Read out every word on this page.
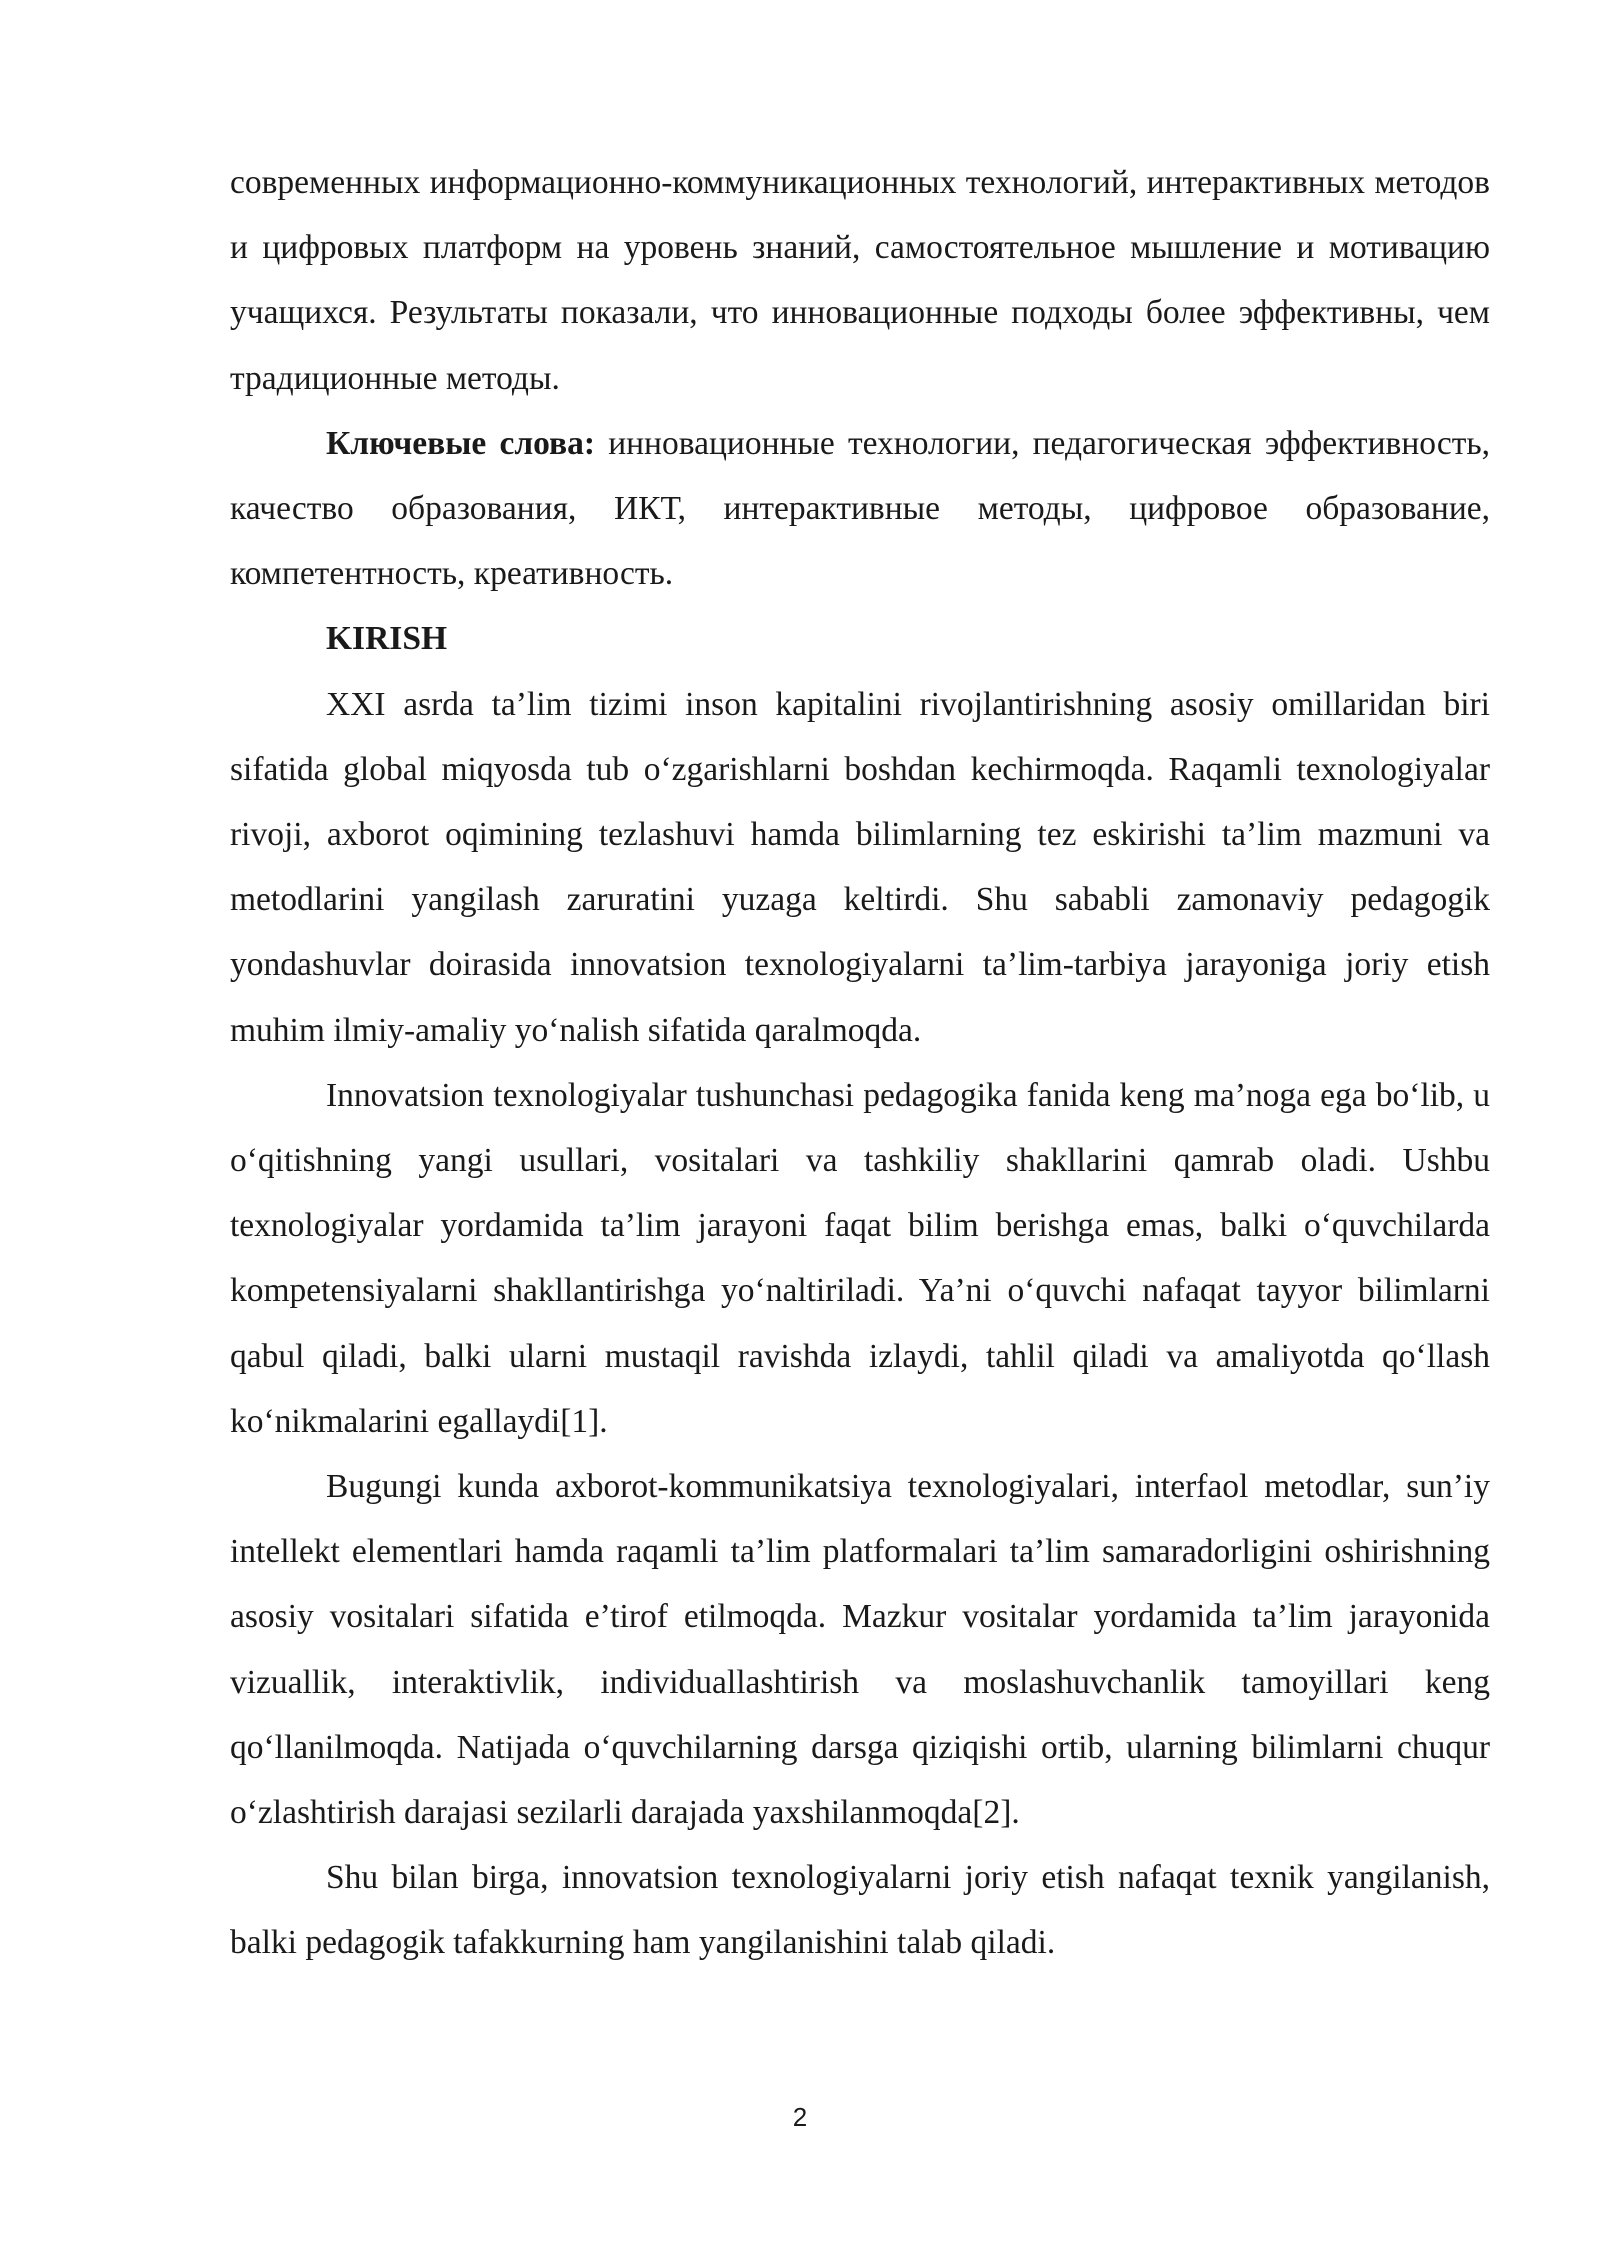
современных информационно-коммуникационных технологий, интерактивных методов и цифровых платформ на уровень знаний, самостоятельное мышление и мотивацию учащихся. Результаты показали, что инновационные подходы более эффективны, чем традиционные методы.

Ключевые слова: инновационные технологии, педагогическая эффективность, качество образования, ИКТ, интерактивные методы, цифровое образование, компетентность, креативность.

KIRISH

XXI asrda ta’lim tizimi inson kapitalini rivojlantirishning asosiy omillaridan biri sifatida global miqyosda tub o‘zgarishlarni boshdan kechirmoqda. Raqamli texnologiyalar rivoji, axborot oqimining tezlashuvi hamda bilimlarning tez eskirishi ta’lim mazmuni va metodlarini yangilash zaruratini yuzaga keltirdi. Shu sababli zamonaviy pedagogik yondashuvlar doirasida innovatsion texnologiyalarni ta’lim-tarbiya jarayoniga joriy etish muhim ilmiy-amaliy yo‘nalish sifatida qaralmoqda.

Innovatsion texnologiyalar tushunchasi pedagogika fanida keng ma’noga ega bo‘lib, u o‘qitishning yangi usullari, vositalari va tashkiliy shakllarini qamrab oladi. Ushbu texnologiyalar yordamida ta’lim jarayoni faqat bilim berishga emas, balki o‘quvchilarda kompetensiyalarni shakllantirishga yo‘naltiriladi. Ya’ni o‘quvchi nafaqat tayyor bilimlarni qabul qiladi, balki ularni mustaqil ravishda izlaydi, tahlil qiladi va amaliyotda qo‘llash ko‘nikmalarini egallaydi[1].

Bugungi kunda axborot-kommunikatsiya texnologiyalari, interfaol metodlar, sun’iy intellekt elementlari hamda raqamli ta’lim platformalari ta’lim samaradorligini oshirishning asosiy vositalari sifatida e’tirof etilmoqda. Mazkur vositalar yordamida ta’lim jarayonida vizuallik, interaktivlik, individuallashtirish va moslashuvchanlik tamoyillari keng qo‘llanilmoqda. Natijada o‘quvchilarning darsga qiziqishi ortib, ularning bilimlarni chuqur o‘zlashtirish darajasi sezilarli darajada yaxshilanmoqda[2].

Shu bilan birga, innovatsion texnologiyalarni joriy etish nafaqat texnik yangilanish, balki pedagogik tafakkurning ham yangilanishini talab qiladi.

2
